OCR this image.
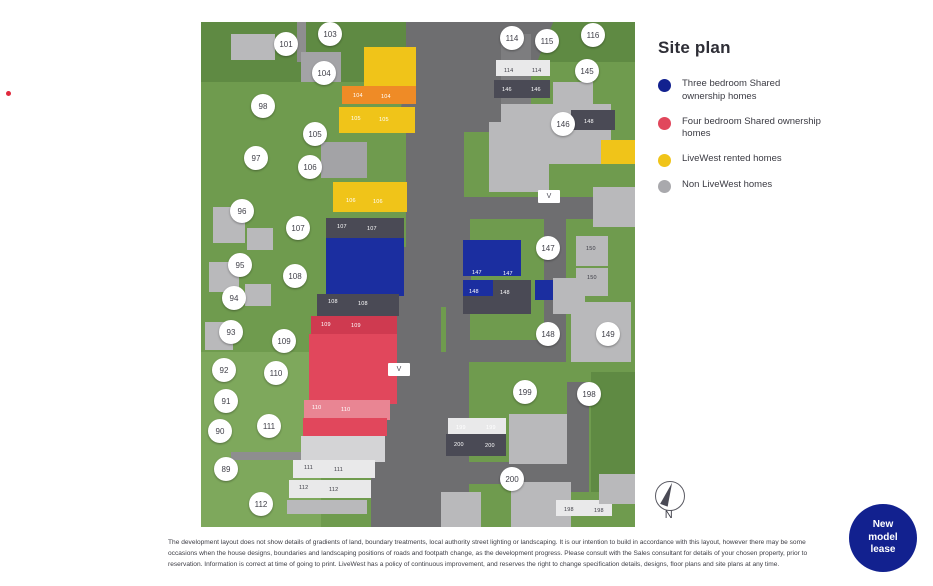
104	104
105	105
106	106
107	107
108	108
109	109
110	110
111	111
112	112
114	114
146	146
148
147	147
150
150
148	148
199	199
200	200
198	198
V
V
101
103
104
98
105
97
106
96
107
95
108
94
93
109
92	110
91
90
111
89
112
114	115
116
145
146
147
148	149
199	198
200
N
Site plan
Three bedroom Shared ownership homes
Four bedroom Shared ownership homes
LiveWest rented homes
Non LiveWest homes
The development layout does not show details of gradients of land, boundary treatments, local authority street lighting or landscaping. It is our intention to build in accordance with this layout, however there may be some occasions when the house designs, boundaries and landscaping positions of roads and footpath change, as the development progress. Please consult with the Sales consultant for details of your chosen property, prior to reservation. Information is correct at time of going to print. LiveWest has a policy of continuous improvement, and reserves the right to change specification details, designs, floor plans and site plans at any time.
New
model
lease
